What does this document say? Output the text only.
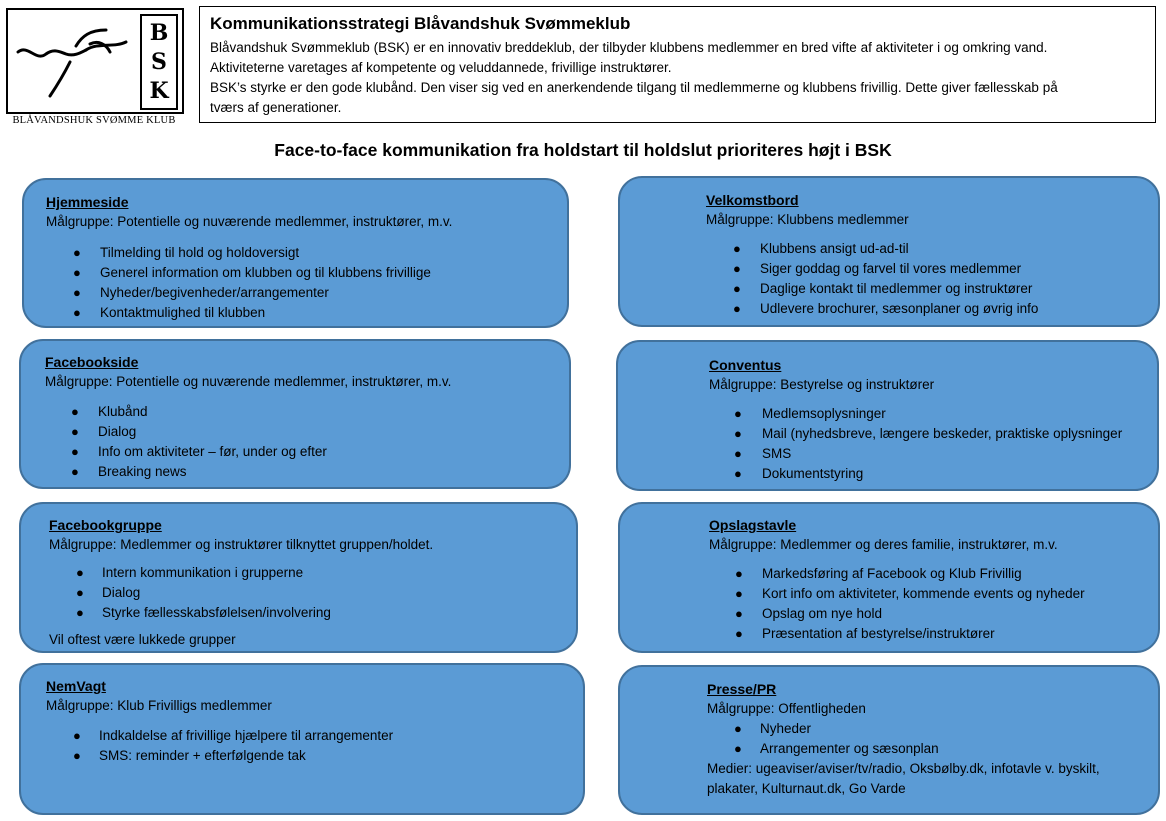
B
S
K
BLÅVANDSHUK SVØMME KLUB
Kommunikationsstrategi Blåvandshuk Svømmeklub

Blåvandshuk Svømmeklub (BSK) er en innovativ breddeklub, der tilbyder klubbens medlemmer en bred vifte af aktiviteter i og omkring vand.

Aktiviteterne varetages af kompetente og veluddannede, frivillige instruktører.

BSK’s styrke er den gode klubånd. Den viser sig ved en anerkendende tilgang til medlemmerne og klubbens frivillig. Dette giver fællesskab på

tværs af generationer.

Face-to-face kommunikation fra holdstart til holdslut prioriteres højt i BSK
Hjemmeside
Målgruppe: Potentielle og nuværende medlemmer, instruktører, m.v.
● Tilmelding til hold og holdoversigt
● Generel information om klubben og til klubbens frivillige
● Nyheder/begivenheder/arrangementer
● Kontaktmulighed til klubben
Velkomstbord
Målgruppe: Klubbens medlemmer
● Klubbens ansigt ud-ad-til
● Siger goddag og farvel til vores medlemmer
● Daglige kontakt til medlemmer og instruktører
● Udlevere brochurer, sæsonplaner og øvrig info
Facebookside
Målgruppe: Potentielle og nuværende medlemmer, instruktører, m.v.
● Klubånd
● Dialog
● Info om aktiviteter – før, under og efter
● Breaking news
Conventus
Målgruppe: Bestyrelse og instruktører
● Medlemsoplysninger
● Mail (nyhedsbreve, længere beskeder, praktiske oplysninger
● SMS
● Dokumentstyring
Facebookgruppe
Målgruppe: Medlemmer og instruktører tilknyttet gruppen/holdet.
● Intern kommunikation i grupperne
● Dialog
● Styrke fællesskabsfølelsen/involvering
Vil oftest være lukkede grupper
Opslagstavle
Målgruppe: Medlemmer og deres familie, instruktører, m.v.
● Markedsføring af Facebook og Klub Frivillig
● Kort info om aktiviteter, kommende events og nyheder
● Opslag om nye hold
● Præsentation af bestyrelse/instruktører
NemVagt
Målgruppe: Klub Frivilligs medlemmer
● Indkaldelse af frivillige hjælpere til arrangementer
● SMS: reminder + efterfølgende tak
Presse/PR
Målgruppe: Offentligheden
● Nyheder
● Arrangementer og sæsonplan
Medier: ugeaviser/aviser/tv/radio, Oksbølby.dk, infotavle v. byskilt,
plakater, Kulturnaut.dk, Go Varde
